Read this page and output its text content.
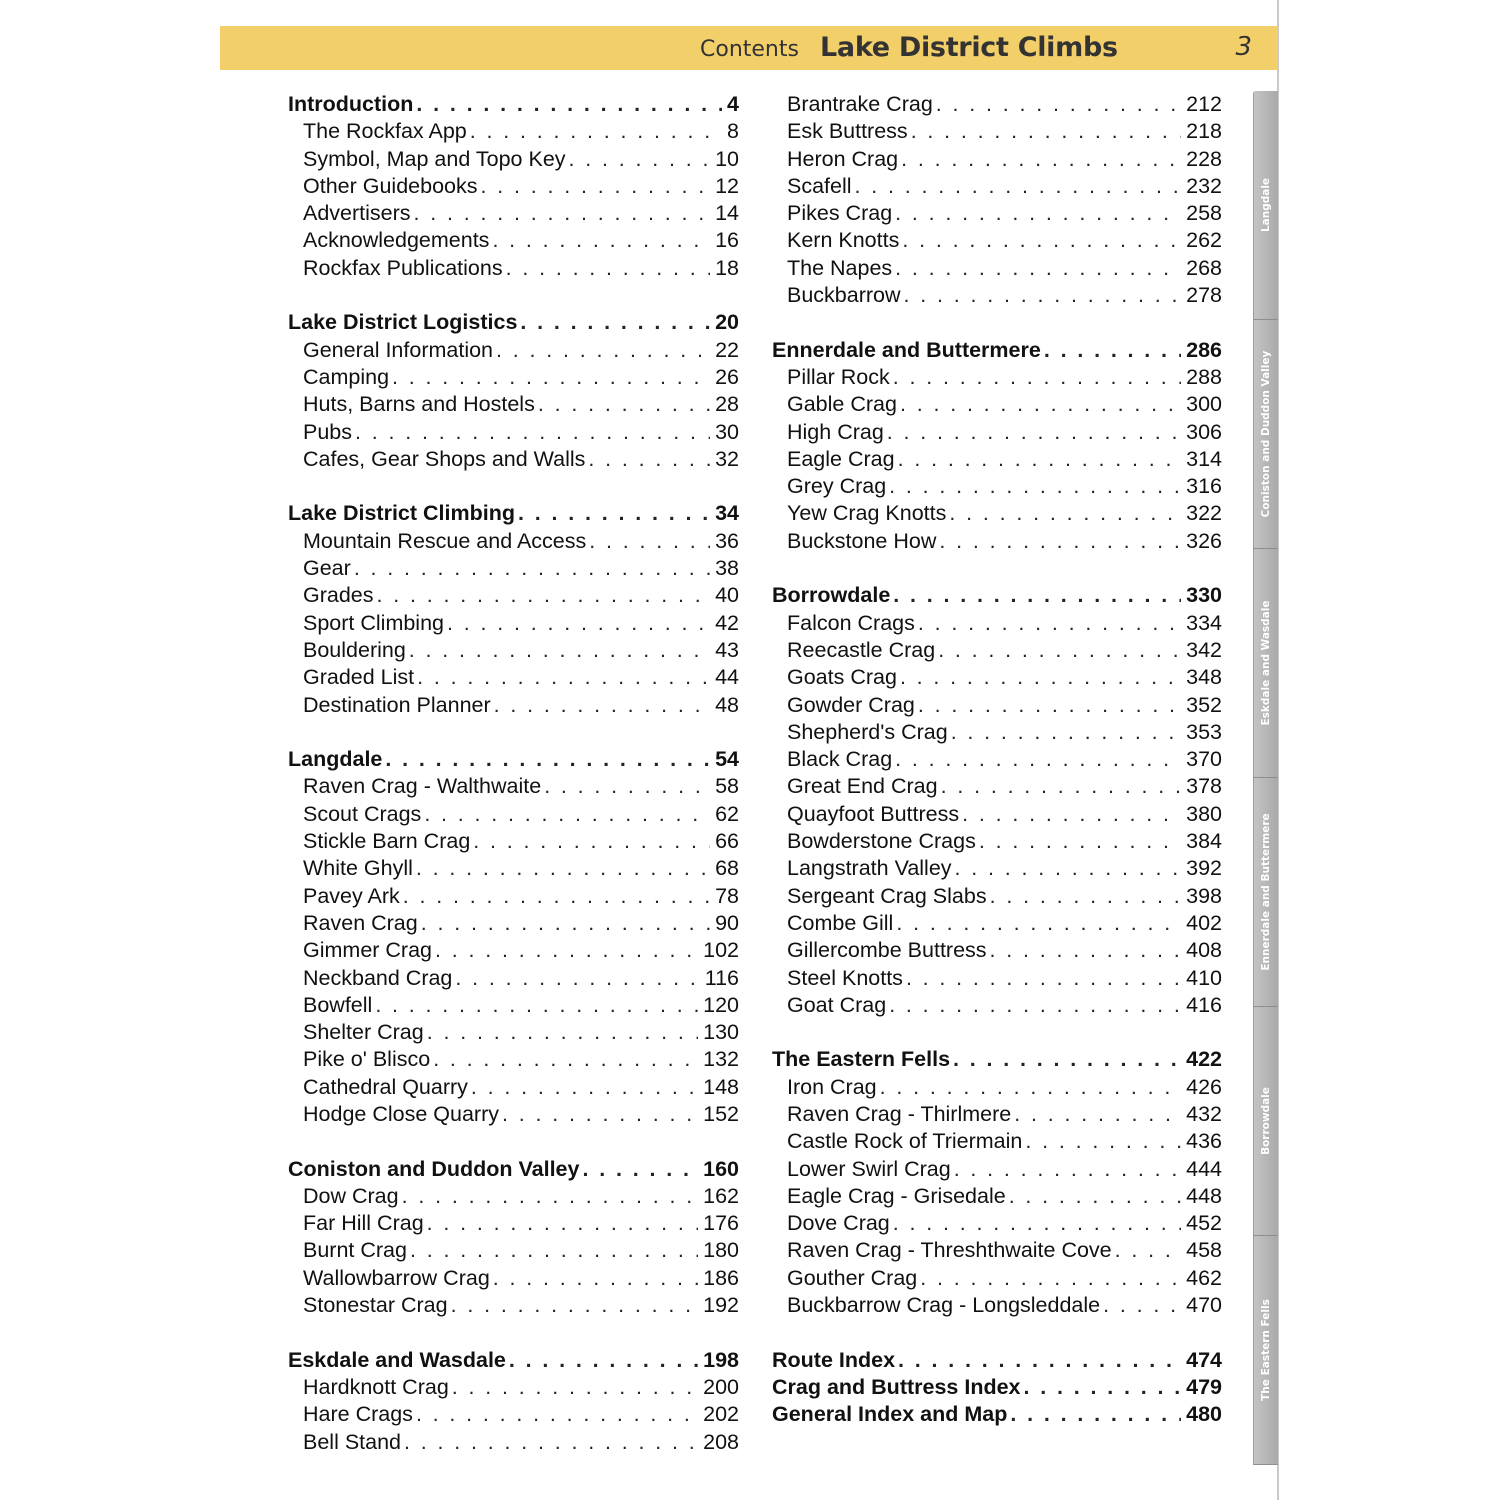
Contents Lake District Climbs	3
Introduction . . .	4
The Rockfax App . . .	8
Symbol, Map and Topo Key . . .	10
Other Guidebooks . . .	12
Advertisers . . .	14
Acknowledgements . . .	16
Rockfax Publications . . .	18
Lake District Logistics . . .	20
General Information . . .	22
Camping . . .	26
Huts, Barns and Hostels . . .	28
Pubs . . .	30
Cafes, Gear Shops and Walls . . .	32
Lake District Climbing . . .	34
Mountain Rescue and Access . . .	36
Gear . . .	38
Grades . . .	40
Sport Climbing . . .	42
Bouldering . . .	43
Graded List . . .	44
Destination Planner . . .	48
Langdale . . .	54
Raven Crag - Walthwaite . . .	58
Scout Crags . . .	62
Stickle Barn Crag . . .	66
White Ghyll . . .	68
Pavey Ark . . .	78
Raven Crag . . .	90
Gimmer Crag . . .	102
Neckband Crag . . .	116
Bowfell . . .	120
Shelter Crag . . .	130
Pike o' Blisco . . .	132
Cathedral Quarry . . .	148
Hodge Close Quarry . . .	152
Coniston and Duddon Valley . . .	160
Dow Crag . . .	162
Far Hill Crag . . .	176
Burnt Crag . . .	180
Wallowbarrow Crag . . .	186
Stonestar Crag . . .	192
Eskdale and Wasdale . . .	198
Hardknott Crag . . .	200
Hare Crags . . .	202
Bell Stand . . .	208
Brantrake Crag . . .	212
Esk Buttress . . .	218
Heron Crag . . .	228
Scafell . . .	232
Pikes Crag . . .	258
Kern Knotts . . .	262
The Napes . . .	268
Buckbarrow . . .	278
Ennerdale and Buttermere . . .	286
Pillar Rock . . .	288
Gable Crag . . .	300
High Crag . . .	306
Eagle Crag . . .	314
Grey Crag . . .	316
Yew Crag Knotts . . .	322
Buckstone How . . .	326
Borrowdale . . .	330
Falcon Crags . . .	334
Reecastle Crag . . .	342
Goats Crag . . .	348
Gowder Crag . . .	352
Shepherd's Crag . . .	353
Black Crag . . .	370
Great End Crag . . .	378
Quayfoot Buttress . . .	380
Bowderstone Crags . . .	384
Langstrath Valley . . .	392
Sergeant Crag Slabs . . .	398
Combe Gill . . .	402
Gillercombe Buttress . . .	408
Steel Knotts . . .	410
Goat Crag . . .	416
The Eastern Fells . . .	422
Iron Crag . . .	426
Raven Crag - Thirlmere . . .	432
Castle Rock of Triermain . . .	436
Lower Swirl Crag . . .	444
Eagle Crag - Grisedale . . .	448
Dove Crag . . .	452
Raven Crag - Threshthwaite Cove . . .	458
Gouther Crag . . .	462
Buckbarrow Crag - Longsleddale . . .	470
Route Index . . .	474
Crag and Buttress Index . . .	479
General Index and Map . . .	480
Langdale
Coniston and Duddon Valley
Eskdale and Wasdale
Ennerdale and Buttermere
Borrowdale
The Eastern Fells
